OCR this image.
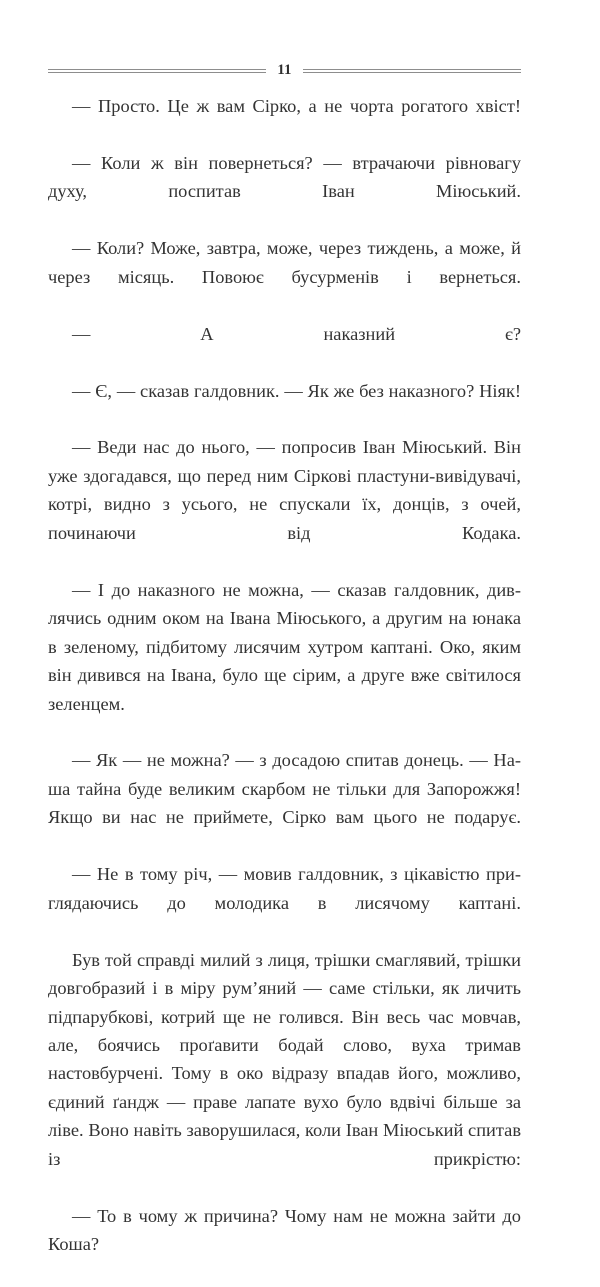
11

— Просто. Це ж вам Сірко, а не чорта рогатого хвіст!

— Коли ж він повернеться? — втрачаючи рівновагу духу, поспитав Іван Міюський.

— Коли? Може, завтра, може, через тиждень, а може, й через місяць. Повоює бусурменів і вернеться.

— А наказний є?

— Є, — сказав галдовник. — Як же без наказного? Ніяк!

— Веди нас до нього, — попросив Іван Міюський. Він уже здогадався, що перед ним Сіркові пластуни-вивідувачі, котрі, видно з усього, не спускали їх, донців, з очей, починаючи від Кодака.

— І до наказного не можна, — сказав галдовник, дивлячись одним оком на Івана Міюського, а другим на юнака в зеленому, підбитому лисячим хутром каптані. Око, яким він дивився на Івана, було ще сірим, а друге вже світилося зеленцем.

— Як — не можна? — з досадою спитав донець. — Наша тайна буде великим скарбом не тільки для Запорожжя! Якщо ви нас не приймете, Сірко вам цього не подарує.

— Не в тому річ, — мовив галдовник, з цікавістю приглядаючись до молодика в лисячому каптані.

Був той справді милий з лиця, трішки смаглявий, трішки довгобразий і в міру рум’яний — саме стільки, як личить підпарубкові, котрий ще не голився. Він весь час мовчав, але, боячись проґавити бодай слово, вуха тримав настовбурчені. Тому в око відразу впадав його, можливо, єдиний ґандж — праве лапате вухо було вдвічі більше за ліве. Воно навіть заворушилася, коли Іван Міюський спитав із прикрістю:

— То в чому ж причина? Чому нам не можна зайти до Коша?
